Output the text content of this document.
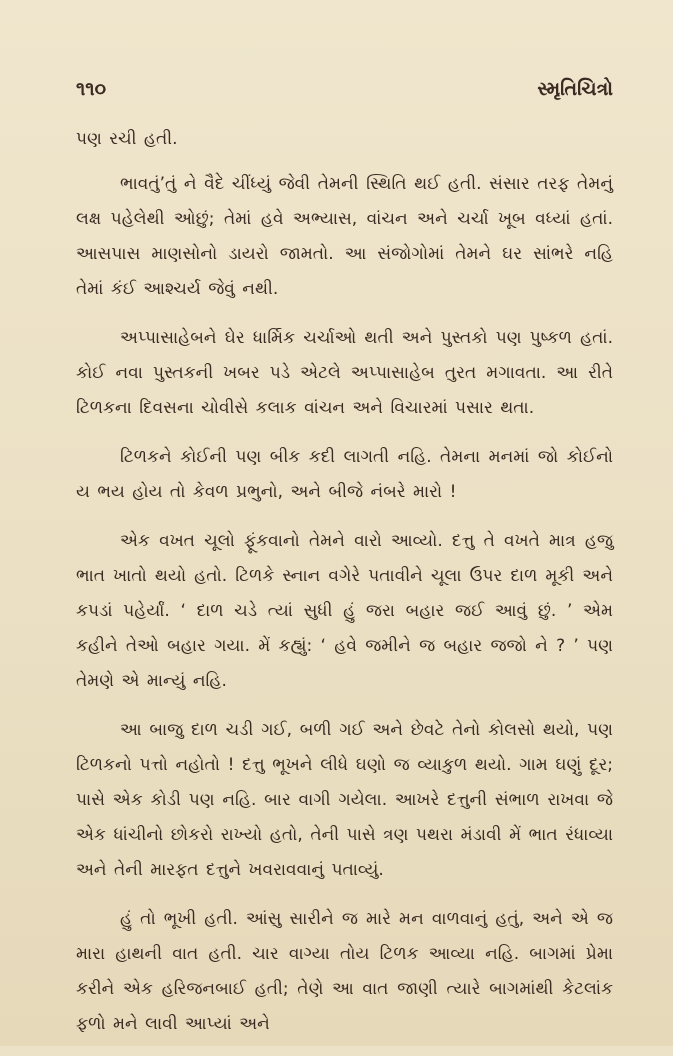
૧૧૦	સ્મૃતિચિત્રો

પણ રચી હતી.

ભાવતું’તું ને વૈદે ચીંધ્યું જેવી તેમની સ્થિતિ થઈ હતી. સંસાર તરફ તેમનું લક્ષ પહેલેથી ઓછું; તેમાં હવે અભ્યાસ, વાંચન અને ચર્ચા ખૂબ વધ્યાં હતાં. આસપાસ માણસોનો ડાયરો જામતો. આ સંજોગોમાં તેમને ઘર સાંભરે નહિ તેમાં કંઈ આશ્ચર્ય જેવું નથી.

અપ્પાસાહેબને ઘેર ધાર્મિક ચર્ચાઓ થતી અને પુસ્તકો પણ પુષ્કળ હતાં. કોઈ નવા પુસ્તકની ખબર પડે એટલે અપ્પાસાહેબ તુરત મગાવતા. આ રીતે ટિળકના દિવસના ચોવીસે કલાક વાંચન અને વિચારમાં પસાર થતા.

ટિળકને કોઈની પણ બીક કદી લાગતી નહિ. તેમના મનમાં જો કોઈનો ય ભય હોય તો કેવળ પ્રભુનો, અને બીજે નંબરે મારો !

એક વખત ચૂલો ફૂંકવાનો તેમને વારો આવ્યો. દત્તુ તે વખતે માત્ર હજુ ભાત ખાતો થયો હતો. ટિળકે સ્નાન વગેરે પતાવીને ચૂલા ઉપર દાળ મૂકી અને કપડાં પહેર્યાં. ‘ દાળ ચડે ત્યાં સુધી હું જરા બહાર જઈ આવું છું. ’ એમ કહીને તેઓ બહાર ગયા. મેં કહ્યું: ‘ હવે જમીને જ બહાર જજો ને ? ’ પણ તેમણે એ માન્યું નહિ.

આ બાજુ દાળ ચડી ગઈ, બળી ગઈ અને છેવટે તેનો કોલસો થયો, પણ ટિળકનો પત્તો નહોતો ! દત્તુ ભૂખને લીધે ઘણો જ વ્યાકુળ થયો. ગામ ઘણું દૂર; પાસે એક કોડી પણ નહિ. બાર વાગી ગયેલા. આખરે દત્તુની સંભાળ રાખવા જે એક ધાંચીનો છોકરો રાખ્યો હતો, તેની પાસે ત્રણ પથરા મંડાવી મેં ભાત રંધાવ્યા અને તેની મારફત દત્તુને ખવરાવવાનું પતાવ્યું.

હું તો ભૂખી હતી. આંસુ સારીને જ મારે મન વાળવાનું હતું, અને એ જ મારા હાથની વાત હતી. ચાર વાગ્યા તોય ટિળક આવ્યા નહિ. બાગમાં પ્રેમા કરીને એક હરિજનબાઈ હતી; તેણે આ વાત જાણી ત્યારે બાગમાંથી કેટલાંક ફળો મને લાવી આપ્યાં અને
